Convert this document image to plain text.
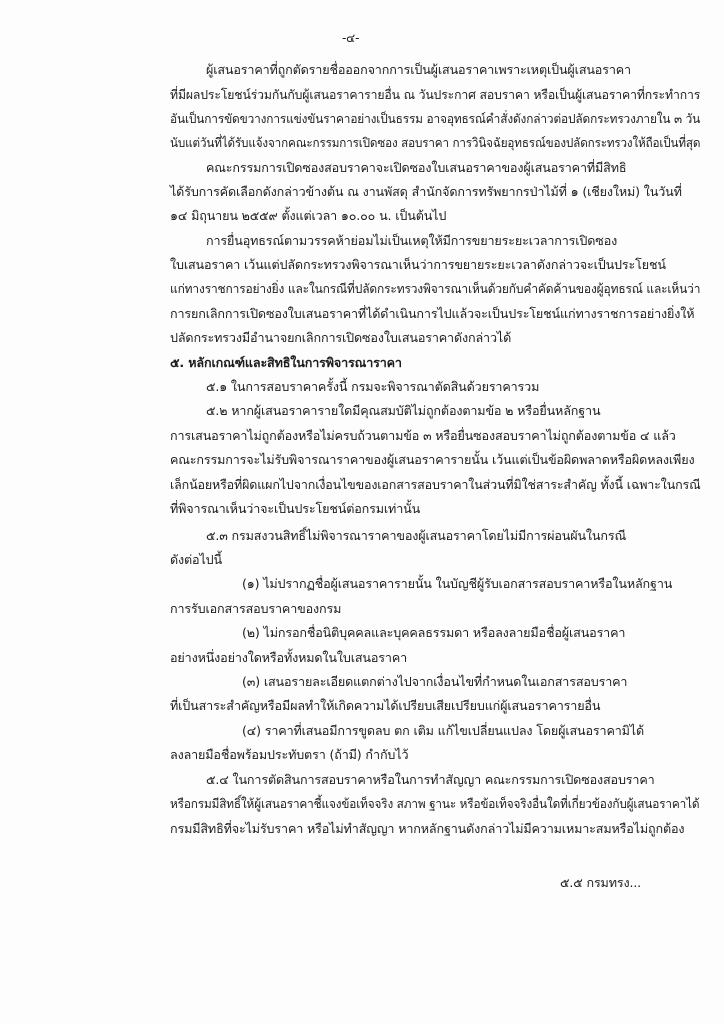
-๔-
ผู้เสนอราคาที่ถูกตัดรายชื่อออกจากการเป็นผู้เสนอราคาเพราะเหตุเป็นผู้เสนอราคา
ที่มีผลประโยชน์ร่วมกันกับผู้เสนอราคารายอื่น ณ วันประกาศ สอบราคา หรือเป็นผู้เสนอราคาที่กระทำการ
อันเป็นการขัดขวางการแข่งขันราคาอย่างเป็นธรรม อาจอุทธรณ์คำสั่งดังกล่าวต่อปลัดกระทรวงภายใน ๓ วัน
นับแต่วันที่ได้รับแจ้งจากคณะกรรมการเปิดซอง สอบราคา การวินิจฉัยอุทธรณ์ของปลัดกระทรวงให้ถือเป็นที่สุด
คณะกรรมการเปิดซองสอบราคาจะเปิดซองใบเสนอราคาของผู้เสนอราคาที่มีสิทธิ
ได้รับการคัดเลือกดังกล่าวข้างต้น ณ งานพัสดุ สำนักจัดการทรัพยากรป่าไม้ที่ ๑ (เชียงใหม่) ในวันที่
๑๔ มิถุนายน ๒๕๕๙ ตั้งแต่เวลา ๑๐.๐๐ น. เป็นต้นไป
การยื่นอุทธรณ์ตามวรรคห้าย่อมไม่เป็นเหตุให้มีการขยายระยะเวลาการเปิดซอง
ใบเสนอราคา เว้นแต่ปลัดกระทรวงพิจารณาเห็นว่าการขยายระยะเวลาดังกล่าวจะเป็นประโยชน์
แก่ทางราชการอย่างยิ่ง และในกรณีที่ปลัดกระทรวงพิจารณาเห็นด้วยกับคำคัดค้านของผู้อุทธรณ์ และเห็นว่า
การยกเลิกการเปิดซองใบเสนอราคาที่ได้ดำเนินการไปแล้วจะเป็นประโยชน์แก่ทางราชการอย่างยิ่งให้
ปลัดกระทรวงมีอำนาจยกเลิกการเปิดซองใบเสนอราคาดังกล่าวได้
๕. หลักเกณฑ์และสิทธิในการพิจารณาราคา
๕.๑ ในการสอบราคาครั้งนี้ กรมจะพิจารณาตัดสินด้วยราคารวม
๕.๒ หากผู้เสนอราคารายใดมีคุณสมบัติไม่ถูกต้องตามข้อ ๒ หรือยื่นหลักฐาน
การเสนอราคาไม่ถูกต้องหรือไม่ครบถ้วนตามข้อ ๓ หรือยื่นซองสอบราคาไม่ถูกต้องตามข้อ ๔ แล้ว
คณะกรรมการจะไม่รับพิจารณาราคาของผู้เสนอราคารายนั้น เว้นแต่เป็นข้อผิดพลาดหรือผิดหลงเพียง
เล็กน้อยหรือที่ผิดแผกไปจากเงื่อนไขของเอกสารสอบราคาในส่วนที่มิใช่สาระสำคัญ ทั้งนี้ เฉพาะในกรณี
ที่พิจารณาเห็นว่าจะเป็นประโยชน์ต่อกรมเท่านั้น
๕.๓ กรมสงวนสิทธิ์ไม่พิจารณาราคาของผู้เสนอราคาโดยไม่มีการผ่อนผันในกรณี
ดังต่อไปนี้
(๑) ไม่ปรากฏชื่อผู้เสนอราคารายนั้น ในบัญชีผู้รับเอกสารสอบราคาหรือในหลักฐาน
การรับเอกสารสอบราคาของกรม
(๒) ไม่กรอกชื่อนิติบุคคลและบุคคลธรรมดา หรือลงลายมือชื่อผู้เสนอราคา
อย่างหนึ่งอย่างใดหรือทั้งหมดในใบเสนอราคา
(๓) เสนอรายละเอียดแตกต่างไปจากเงื่อนไขที่กำหนดในเอกสารสอบราคา
ที่เป็นสาระสำคัญหรือมีผลทำให้เกิดความได้เปรียบเสียเปรียบแก่ผู้เสนอราคารายอื่น
(๔) ราคาที่เสนอมีการขูดลบ ตก เติม แก้ไขเปลี่ยนแปลง โดยผู้เสนอราคามิได้
ลงลายมือชื่อพร้อมประทับตรา (ถ้ามี) กำกับไว้
๕.๔ ในการตัดสินการสอบราคาหรือในการทำสัญญา คณะกรรมการเปิดซองสอบราคา
หรือกรมมีสิทธิ์ให้ผู้เสนอราคาชี้แจงข้อเท็จจริง สภาพ ฐานะ หรือข้อเท็จจริงอื่นใดที่เกี่ยวข้องกับผู้เสนอราคาได้
กรมมีสิทธิที่จะไม่รับราคา หรือไม่ทำสัญญา หากหลักฐานดังกล่าวไม่มีความเหมาะสมหรือไม่ถูกต้อง
๕.๕ กรมทรง...
